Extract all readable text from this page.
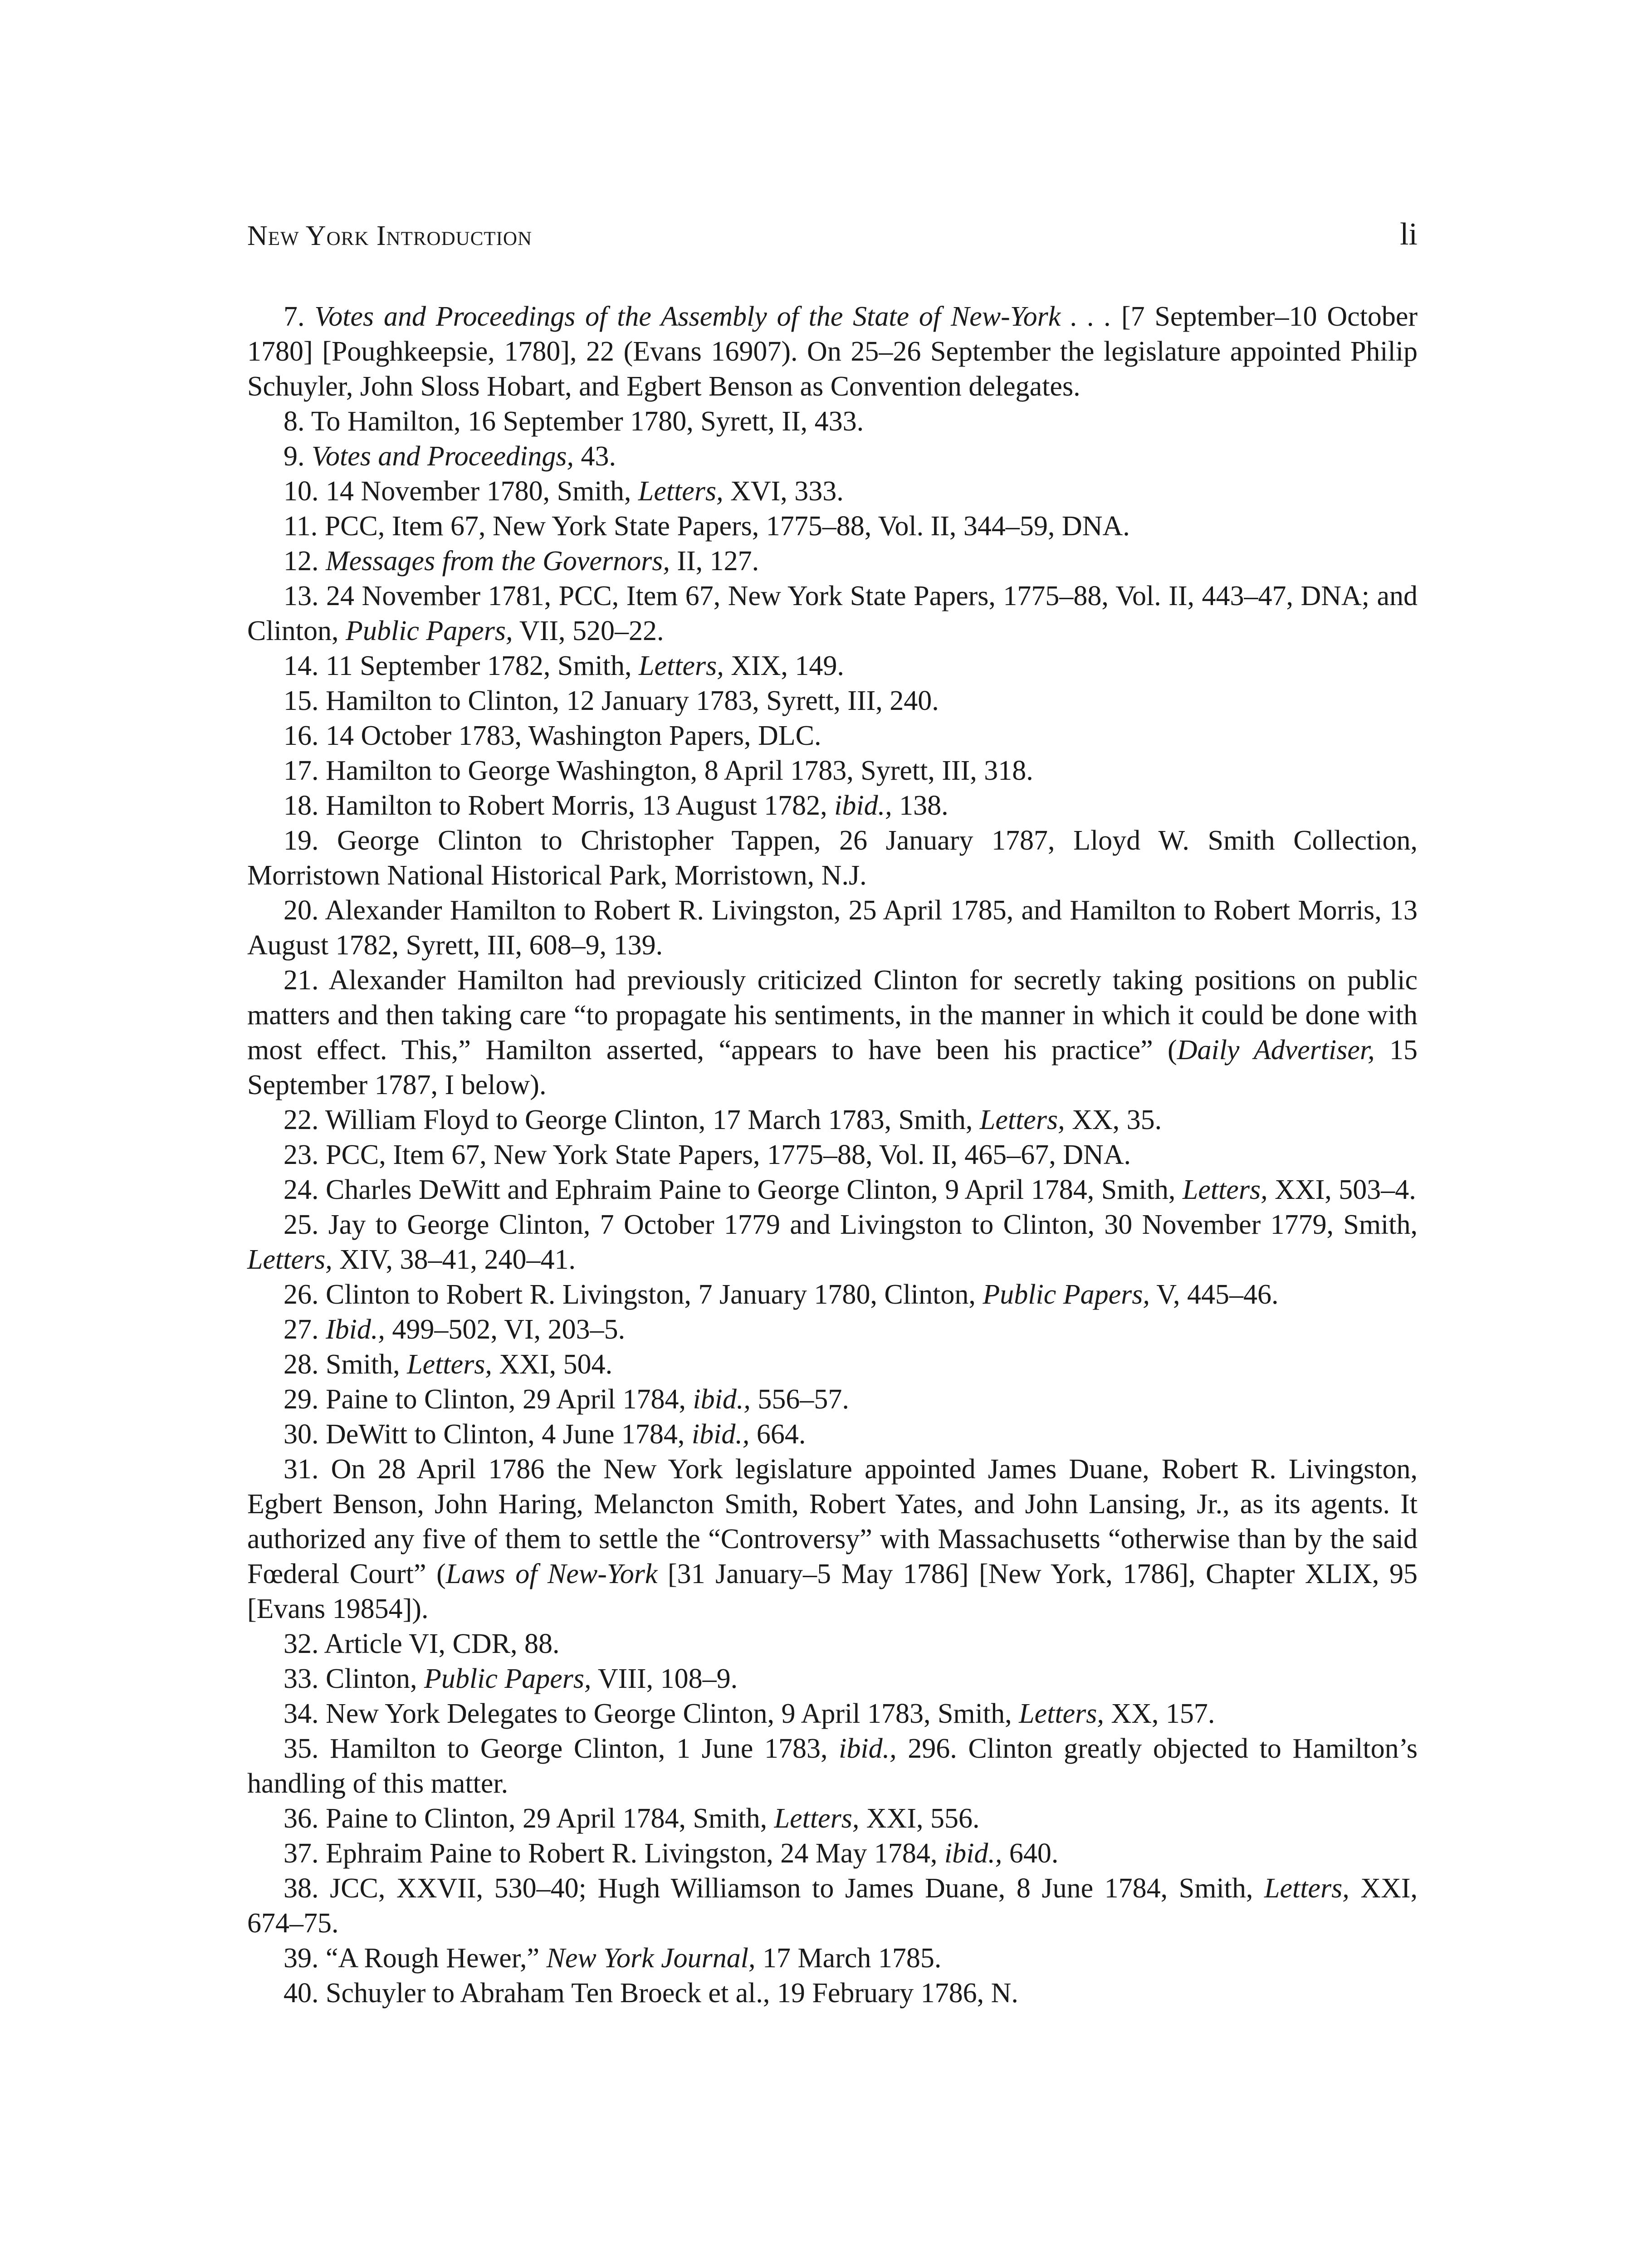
New York Introduction	li

7. Votes and Proceedings of the Assembly of the State of New-York . . . [7 September–10 October 1780] [Poughkeepsie, 1780], 22 (Evans 16907). On 25–26 September the legislature appointed Philip Schuyler, John Sloss Hobart, and Egbert Benson as Convention delegates.

8. To Hamilton, 16 September 1780, Syrett, II, 433.

9. Votes and Proceedings, 43.

10. 14 November 1780, Smith, Letters, XVI, 333.

11. PCC, Item 67, New York State Papers, 1775–88, Vol. II, 344–59, DNA.

12. Messages from the Governors, II, 127.

13. 24 November 1781, PCC, Item 67, New York State Papers, 1775–88, Vol. II, 443–47, DNA; and Clinton, Public Papers, VII, 520–22.

14. 11 September 1782, Smith, Letters, XIX, 149.

15. Hamilton to Clinton, 12 January 1783, Syrett, III, 240.

16. 14 October 1783, Washington Papers, DLC.

17. Hamilton to George Washington, 8 April 1783, Syrett, III, 318.

18. Hamilton to Robert Morris, 13 August 1782, ibid., 138.

19. George Clinton to Christopher Tappen, 26 January 1787, Lloyd W. Smith Collection, Morristown National Historical Park, Morristown, N.J.

20. Alexander Hamilton to Robert R. Livingston, 25 April 1785, and Hamilton to Robert Morris, 13 August 1782, Syrett, III, 608–9, 139.

21. Alexander Hamilton had previously criticized Clinton for secretly taking positions on public matters and then taking care “to propagate his sentiments, in the manner in which it could be done with most effect. This,” Hamilton asserted, “appears to have been his practice” (Daily Advertiser, 15 September 1787, I below).

22. William Floyd to George Clinton, 17 March 1783, Smith, Letters, XX, 35.

23. PCC, Item 67, New York State Papers, 1775–88, Vol. II, 465–67, DNA.

24. Charles DeWitt and Ephraim Paine to George Clinton, 9 April 1784, Smith, Letters, XXI, 503–4.

25. Jay to George Clinton, 7 October 1779 and Livingston to Clinton, 30 November 1779, Smith, Letters, XIV, 38–41, 240–41.

26. Clinton to Robert R. Livingston, 7 January 1780, Clinton, Public Papers, V, 445–46.

27. Ibid., 499–502, VI, 203–5.

28. Smith, Letters, XXI, 504.

29. Paine to Clinton, 29 April 1784, ibid., 556–57.

30. DeWitt to Clinton, 4 June 1784, ibid., 664.

31. On 28 April 1786 the New York legislature appointed James Duane, Robert R. Livingston, Egbert Benson, John Haring, Melancton Smith, Robert Yates, and John Lansing, Jr., as its agents. It authorized any five of them to settle the “Controversy” with Massachusetts “otherwise than by the said Fœderal Court” (Laws of New-York [31 January–5 May 1786] [New York, 1786], Chapter XLIX, 95 [Evans 19854]).

32. Article VI, CDR, 88.

33. Clinton, Public Papers, VIII, 108–9.

34. New York Delegates to George Clinton, 9 April 1783, Smith, Letters, XX, 157.

35. Hamilton to George Clinton, 1 June 1783, ibid., 296. Clinton greatly objected to Hamilton’s handling of this matter.

36. Paine to Clinton, 29 April 1784, Smith, Letters, XXI, 556.

37. Ephraim Paine to Robert R. Livingston, 24 May 1784, ibid., 640.

38. JCC, XXVII, 530–40; Hugh Williamson to James Duane, 8 June 1784, Smith, Letters, XXI, 674–75.

39. “A Rough Hewer,” New York Journal, 17 March 1785.

40. Schuyler to Abraham Ten Broeck et al., 19 February 1786, N.
